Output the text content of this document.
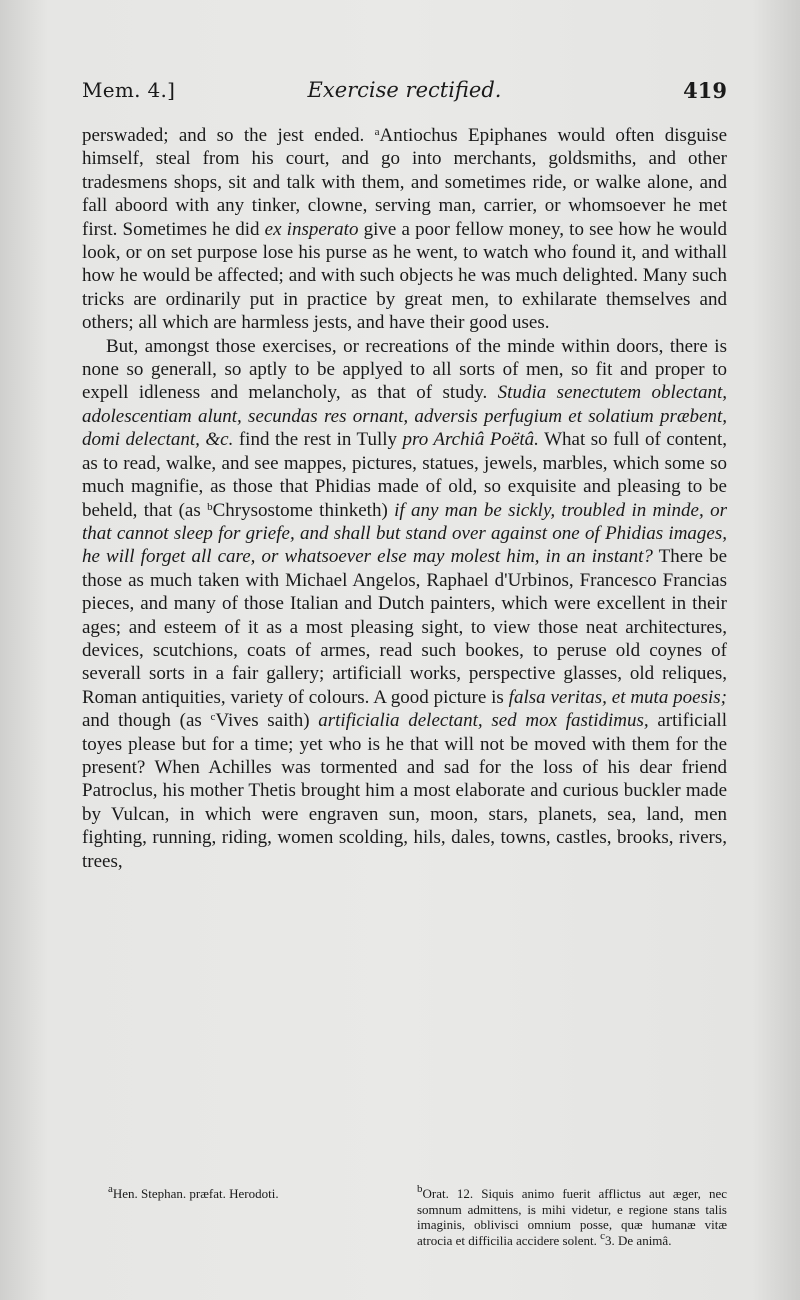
Mem. 4.]	Exercise rectified.	419

perswaded; and so the jest ended. $^a$Antiochus Epiphanes would often disguise himself, steal from his court, and go into merchants, goldsmiths, and other tradesmens shops, sit and talk with them, and sometimes ride, or walke alone, and fall aboord with any tinker, clowne, serving man, carrier, or whomsoever he met first. Sometimes he did ex insperato give a poor fellow money, to see how he would look, or on set purpose lose his purse as he went, to watch who found it, and withall how he would be affected; and with such objects he was much delighted. Many such tricks are ordinarily put in practice by great men, to exhilarate themselves and others; all which are harmless jests, and have their good uses.

But, amongst those exercises, or recreations of the minde within doors, there is none so generall, so aptly to be applyed to all sorts of men, so fit and proper to expell idleness and melancholy, as that of study. Studia senectutem oblectant, adolescentiam alunt, secundas res ornant, adversis perfugium et solatium præbent, domi delectant, &c. find the rest in Tully pro Archiâ Poëtâ. What so full of content, as to read, walke, and see mappes, pictures, statues, jewels, marbles, which some so much magnifie, as those that Phidias made of old, so exquisite and pleasing to be beheld, that (as $^b$Chrysostome thinketh) if any man be sickly, troubled in minde, or that cannot sleep for griefe, and shall but stand over against one of Phidias images, he will forget all care, or whatsoever else may molest him, in an instant? There be those as much taken with Michael Angelos, Raphael d'Urbinos, Francesco Francias pieces, and many of those Italian and Dutch painters, which were excellent in their ages; and esteem of it as a most pleasing sight, to view those neat architectures, devices, scutchions, coats of armes, read such bookes, to peruse old coynes of severall sorts in a fair gallery; artificiall works, perspective glasses, old reliques, Roman antiquities, variety of colours. A good picture is falsa veritas, et muta poesis; and though (as $^c$Vives saith) artificialia delectant, sed mox fastidimus, artificiall toyes please but for a time; yet who is he that will not be moved with them for the present? When Achilles was tormented and sad for the loss of his dear friend Patroclus, his mother Thetis brought him a most elaborate and curious buckler made by Vulcan, in which were engraven sun, moon, stars, planets, sea, land, men fighting, running, riding, women scolding, hils, dales, towns, castles, brooks, rivers, trees,

$^a$Hen. Stephan. præfat. Herodoti.	$^b$Orat. 12. Siquis animo fuerit afflictus aut æger, nec somnum admittens, is mihi videtur, e regione stans talis imaginis, oblivisci omnium posse, quæ humanæ vitæ atrocia et difficilia accidere solent. $^c$3. De animâ.
